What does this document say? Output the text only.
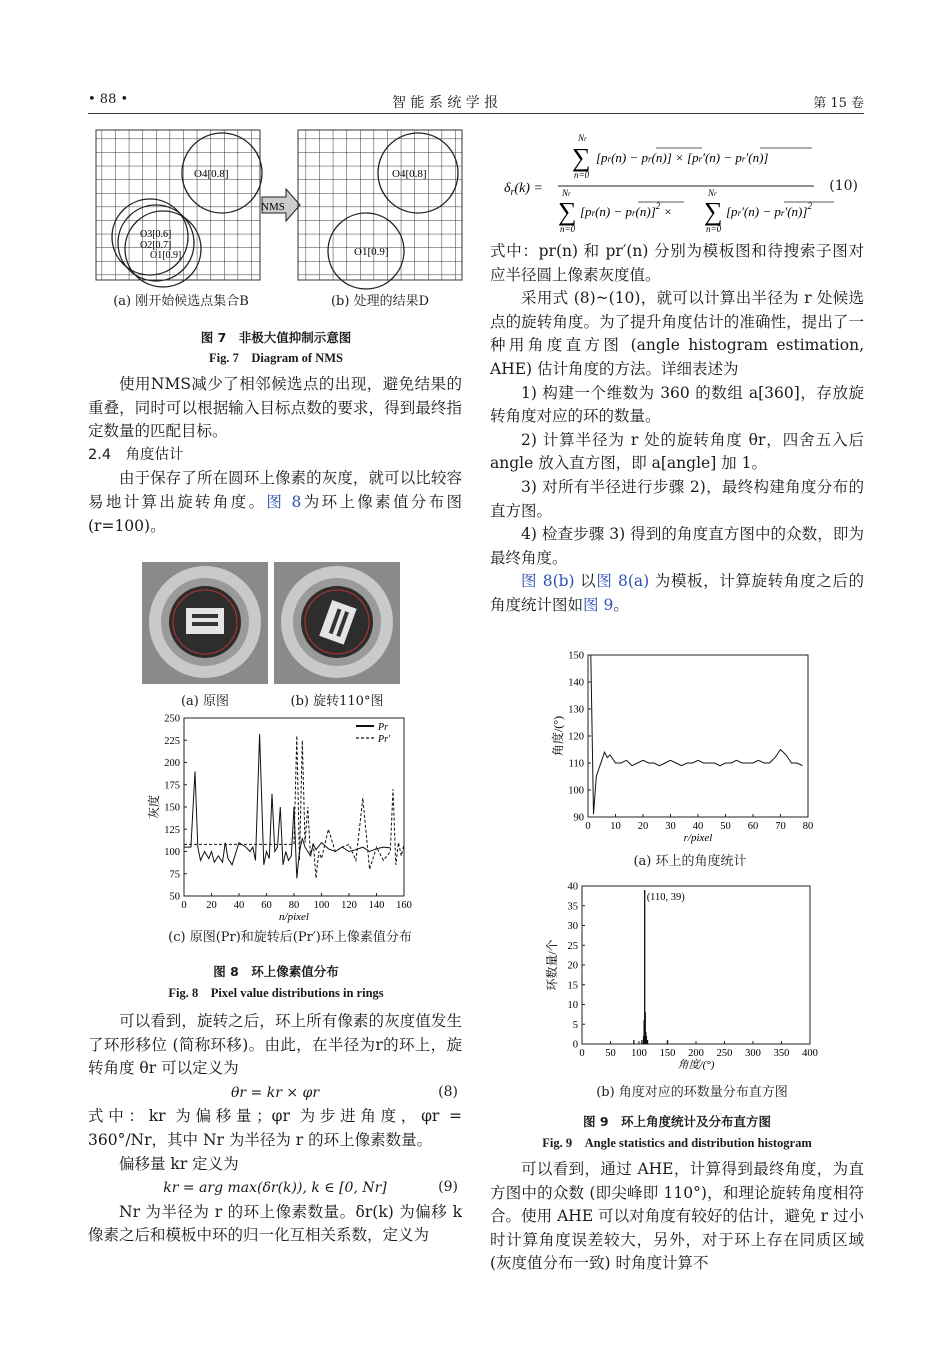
• 88 •	智 能 系 统 学 报	第 15 卷
O4[0.8]
O3[0.6]
O2[0.7]
O1[0.9]
NMS
O4[0.8]
O1[0.9]
(a) 刚开始候选点集合B	(b) 处理的结果D
图 7　非极大值抑制示意图
Fig. 7　Diagram of NMS

使用NMS减少了相邻候选点的出现，避免结果的重叠，同时可以根据输入目标点数的要求，得到最终指定数量的匹配目标。

2.4　角度估计

由于保存了所在圆环上像素的灰度，就可以比较容易地计算出旋转角度。图 8为环上像素值分布图 (r=100)。

(a) 原图	(b) 旋转110°图
0 20 40 60 80 100 120 140 160
50
75
100
125
150
175
200
225
250
n/pixel
灰度
Pr
Pr′
(c) 原图(Pr)和旋转后(Pr′)环上像素值分布
图 8　环上像素值分布
Fig. 8　Pixel value distributions in rings

可以看到，旋转之后，环上所有像素的灰度值发生了环形移位 (简称环移)。由此，在半径为r的环上，旋转角度 θr 可以定义为

θr = kr × φr	(8)

式中：kr 为偏移量；φr 为步进角度，φr = 360°/Nr，其中 Nr 为半径为 r 的环上像素数量。

偏移量 kr 定义为

kr = arg max(δr(k)), k ∈ [0, Nr]	(9)

Nr 为半径为 r 的环上像素数量。δr(k) 为偏移 k 像素之后和模板中环的归一化互相关系数，定义为

$\delta_r(k)$ =
∑
Nr
n=0
[pr(n) − pr(n)] × [pr′(n) − pr′(n)]
∑
Nr
n=0
$[pr(n) - pr(n)]^2$ × ∑
Nr
n=0
$[pr'(n) - pr'(n)]^2$
(10)

式中：pr(n) 和 pr′(n) 分别为模板图和待搜索子图对应半径圆上像素灰度值。

采用式 (8)~(10)，就可以计算出半径为 r 处候选点的旋转角度。为了提升角度估计的准确性，提出了一种用角度直方图 (angle histogram estimation, AHE) 估计角度的方法。详细表述为

1) 构建一个维数为 360 的数组 a[360]，存放旋转角度对应的环的数量。

2) 计算半径为 r 处的旋转角度 θr，四舍五入后 angle 放入直方图，即 a[angle] 加 1。

3) 对所有半径进行步骤 2)，最终构建角度分布的直方图。

4) 检查步骤 3) 得到的角度直方图中的众数，即为最终角度。

图 8(b) 以图 8(a) 为模板，计算旋转角度之后的角度统计图如图 9。

0 10 20 30 40 50 60 70 80
90
100
110
120
130
140
150
r/pixel
角度/(°)
(a) 环上的角度统计
0 50 100 150 200 250 300 350 400
0
5
10
15
20
25
30
35
40
角度/(°)
环数量/个
(110, 39)
(b) 角度对应的环数量分布直方图
图 9　环上角度统计及分布直方图
Fig. 9　Angle statistics and distribution histogram

可以看到，通过 AHE，计算得到最终角度，为直方图中的众数 (即尖峰即 110°)，和理论旋转角度相符合。使用 AHE 可以对角度有较好的估计，避免 r 过小时计算角度误差较大，另外，对于环上存在同质区域 (灰度值分布一致) 时角度计算不
